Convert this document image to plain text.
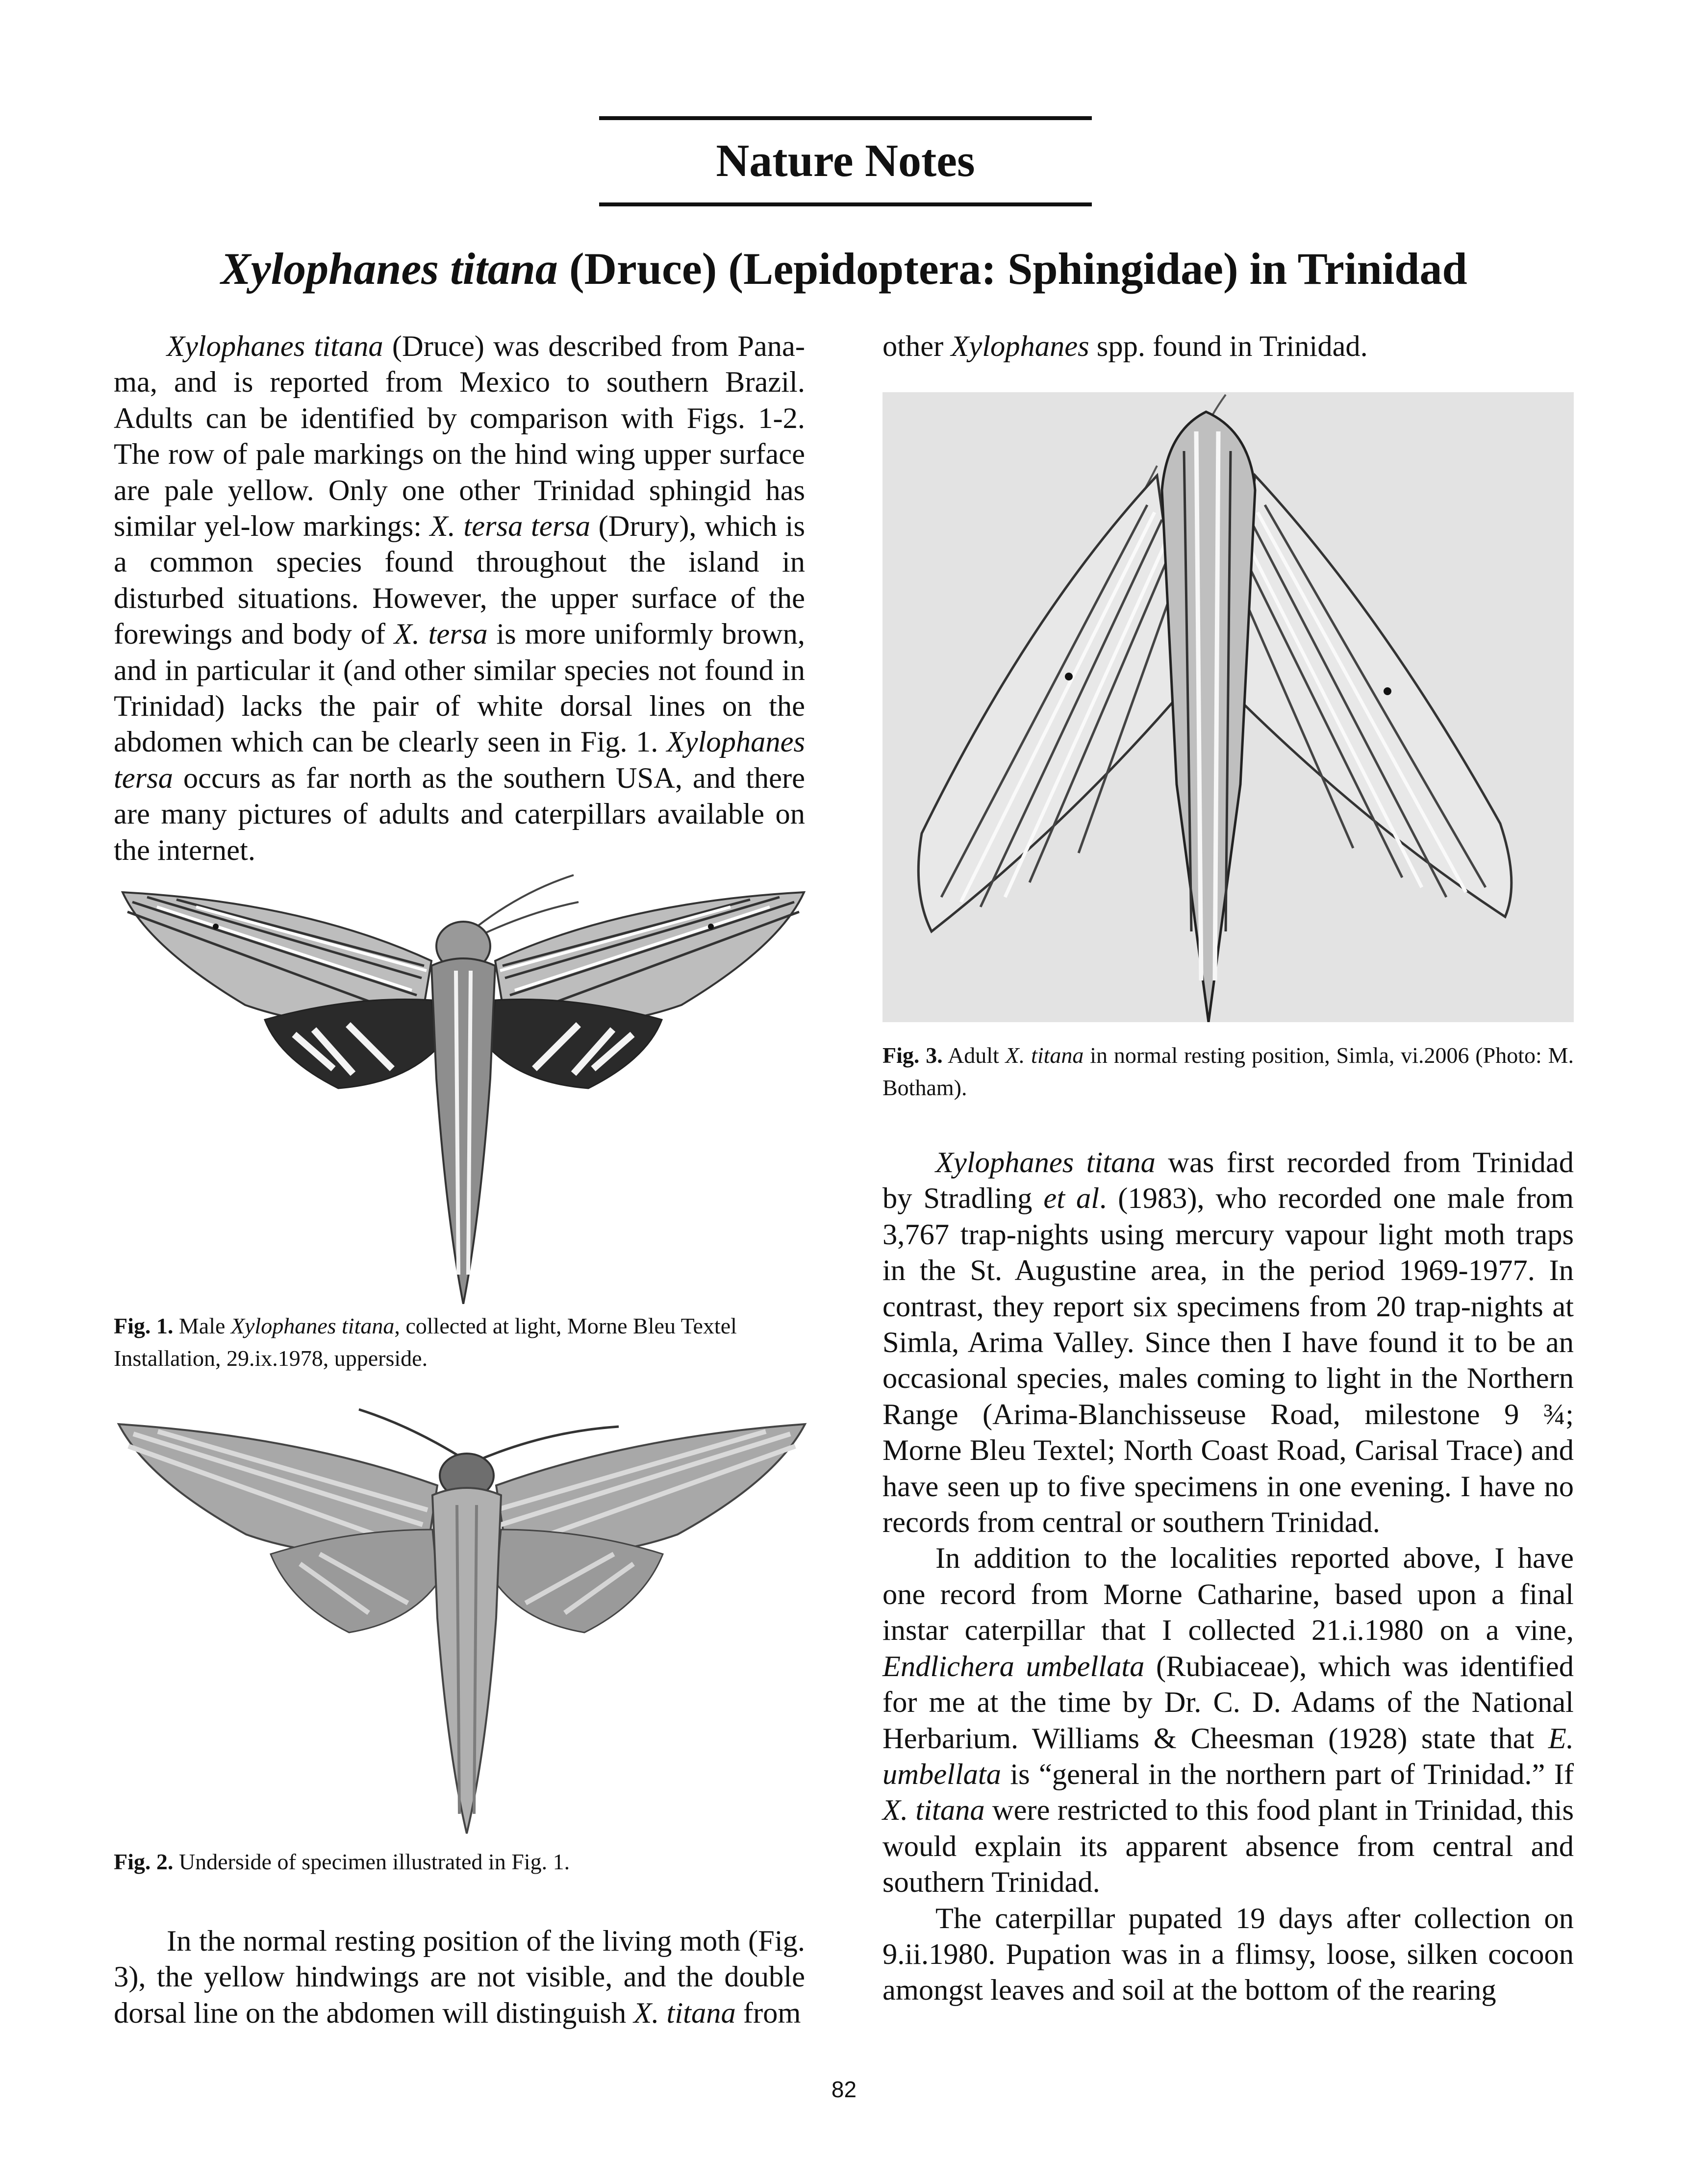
Nature Notes
Xylophanes titana (Druce) (Lepidoptera: Sphingidae) in Trinidad

Xylophanes titana (Druce) was described from Pana-ma, and is reported from Mexico to southern Brazil. Adults can be identified by comparison with Figs. 1-2. The row of pale markings on the hind wing upper surface are pale yellow. Only one other Trinidad sphingid has similar yel-low markings: X. tersa tersa (Drury), which is a common species found throughout the island in disturbed situations. However, the upper surface of the forewings and body of X. tersa is more uniformly brown, and in particular it (and other similar species not found in Trinidad) lacks the pair of white dorsal lines on the abdomen which can be clearly seen in Fig. 1. Xylophanes tersa occurs as far north as the southern USA, and there are many pictures of adults and caterpillars available on the internet.

other Xylophanes spp. found in Trinidad.

Fig. 1. Male Xylophanes titana, collected at light, Morne Bleu Textel Installation, 29.ix.1978, upperside.

Fig. 2. Underside of specimen illustrated in Fig. 1.

In the normal resting position of the living moth (Fig. 3), the yellow hindwings are not visible, and the double dorsal line on the abdomen will distinguish X. titana from

Fig. 3. Adult X. titana in normal resting position, Simla, vi.2006 (Photo: M. Botham).

Xylophanes titana was first recorded from Trinidad by Stradling et al. (1983), who recorded one male from 3,767 trap-nights using mercury vapour light moth traps in the St. Augustine area, in the period 1969-1977. In contrast, they report six specimens from 20 trap-nights at Simla, Arima Valley. Since then I have found it to be an occasional species, males coming to light in the Northern Range (Arima-Blanchisseuse Road, milestone 9 ¾; Morne Bleu Textel; North Coast Road, Carisal Trace) and have seen up to five specimens in one evening. I have no records from central or southern Trinidad.

In addition to the localities reported above, I have one record from Morne Catharine, based upon a final instar caterpillar that I collected 21.i.1980 on a vine, Endlichera umbellata (Rubiaceae), which was identified for me at the time by Dr. C. D. Adams of the National Herbarium. Williams & Cheesman (1928) state that E. umbellata is “general in the northern part of Trinidad.” If X. titana were restricted to this food plant in Trinidad, this would explain its apparent absence from central and southern Trinidad.

The caterpillar pupated 19 days after collection on 9.ii.1980. Pupation was in a flimsy, loose, silken cocoon amongst leaves and soil at the bottom of the rearing

82
